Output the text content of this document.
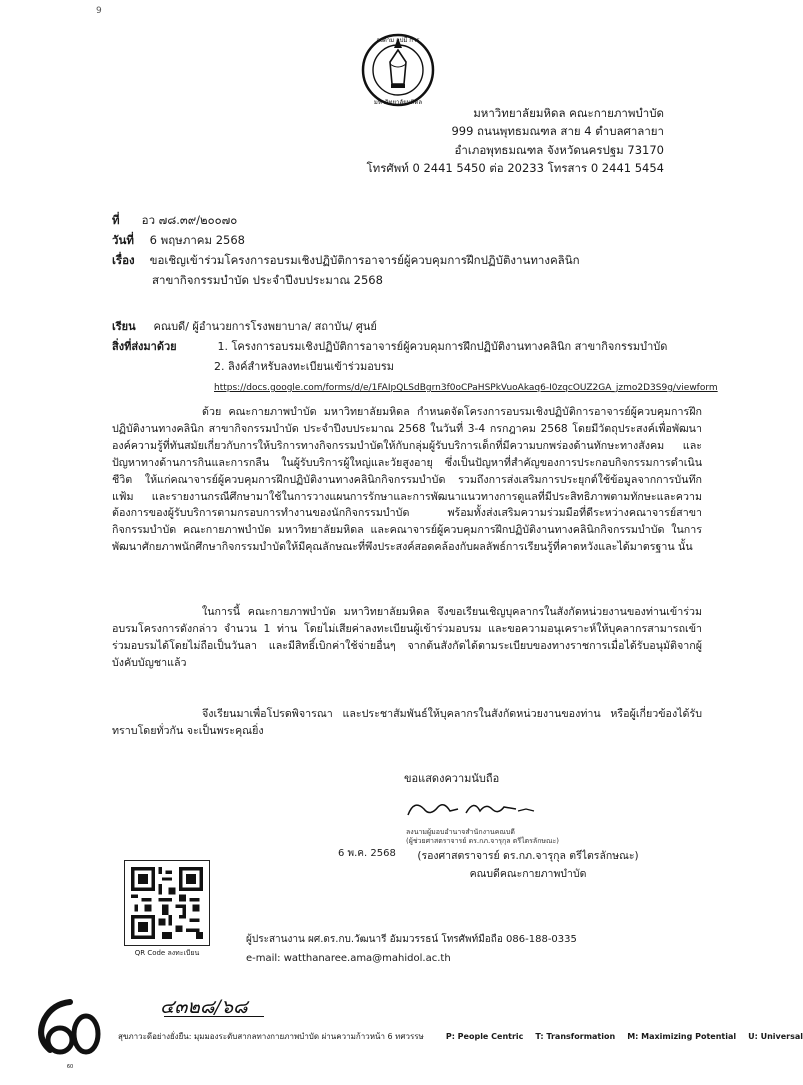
9
จงตาม อุปมี การ
มหาวิทยาลัยมหิดล
มหาวิทยาลัยมหิดล คณะกายภาพบำบัด
999 ถนนพุทธมณฑล สาย 4 ตำบลศาลายา
อำเภอพุทธมณฑล จังหวัดนครปฐม 73170
โทรศัพท์ 0 2441 5450 ต่อ 20233 โทรสาร 0 2441 5454
ที่ อว ๗๘.๓๙/๒๐๐๗๐
วันที่ 6 พฤษภาคม 2568
เรื่อง ขอเชิญเข้าร่วมโครงการอบรมเชิงปฏิบัติการอาจารย์ผู้ควบคุมการฝึกปฏิบัติงานทางคลินิก
สาขากิจกรรมบำบัด ประจำปีงบประมาณ 2568
เรียน คณบดี/ ผู้อำนวยการโรงพยาบาล/ สถาบัน/ ศูนย์
สิ่งที่ส่งมาด้วย	1. โครงการอบรมเชิงปฏิบัติการอาจารย์ผู้ควบคุมการฝึกปฏิบัติงานทางคลินิก สาขากิจกรรมบำบัด
2. ลิงค์สำหรับลงทะเบียนเข้าร่วมอบรม
https://docs.google.com/forms/d/e/1FAIpQLSdBgrn3f0oCPaHSPkVuoAkaq6-I0zqcOUZ2GA_jzmo2D3S9g/viewform
ด้วย คณะกายภาพบำบัด มหาวิทยาลัยมหิดล กำหนดจัดโครงการอบรมเชิงปฏิบัติการอาจารย์ผู้ควบคุมการฝึกปฏิบัติงานทางคลินิก สาขากิจกรรมบำบัด ประจำปีงบประมาณ 2568 ในวันที่ 3-4 กรกฎาคม 2568 โดยมีวัตถุประสงค์เพื่อพัฒนาองค์ความรู้ที่ทันสมัยเกี่ยวกับการให้บริการทางกิจกรรมบำบัดให้กับกลุ่มผู้รับบริการเด็กที่มีความบกพร่องด้านทักษะทางสังคม และปัญหาทางด้านการกินและการกลืน ในผู้รับบริการผู้ใหญ่และวัยสูงอายุ ซึ่งเป็นปัญหาที่สำคัญของการประกอบกิจกรรมการดำเนินชีวิต ให้แก่คณาจารย์ผู้ควบคุมการฝึกปฏิบัติงานทางคลินิกกิจกรรมบำบัด รวมถึงการส่งเสริมการประยุกต์ใช้ข้อมูลจากการบันทึกแฟ้ม และรายงานกรณีศึกษามาใช้ในการวางแผนการรักษาและการพัฒนาแนวทางการดูแลที่มีประสิทธิภาพตามทักษะและความต้องการของผู้รับบริการตามกรอบการทำงานของนักกิจกรรมบำบัด พร้อมทั้งส่งเสริมความร่วมมือที่ดีระหว่างคณาจารย์สาขากิจกรรมบำบัด คณะกายภาพบำบัด มหาวิทยาลัยมหิดล และคณาจารย์ผู้ควบคุมการฝึกปฏิบัติงานทางคลินิกกิจกรรมบำบัด ในการพัฒนาศักยภาพนักศึกษากิจกรรมบำบัดให้มีคุณลักษณะที่พึงประสงค์สอดคล้องกับผลลัพธ์การเรียนรู้ที่คาดหวังและได้มาตรฐาน นั้น
ในการนี้ คณะกายภาพบำบัด มหาวิทยาลัยมหิดล จึงขอเรียนเชิญบุคลากรในสังกัดหน่วยงานของท่านเข้าร่วมอบรมโครงการดังกล่าว จำนวน 1 ท่าน โดยไม่เสียค่าลงทะเบียนผู้เข้าร่วมอบรม และขอความอนุเคราะห์ให้บุคลากรสามารถเข้าร่วมอบรมได้โดยไม่ถือเป็นวันลา และมีสิทธิ์เบิกค่าใช้จ่ายอื่นๆ จากต้นสังกัดได้ตามระเบียบของทางราชการเมื่อได้รับอนุมัติจากผู้บังคับบัญชาแล้ว
จึงเรียนมาเพื่อโปรดพิจารณา และประชาสัมพันธ์ให้บุคลากรในสังกัดหน่วยงานของท่าน หรือผู้เกี่ยวข้องได้รับทราบโดยทั่วกัน จะเป็นพระคุณยิ่ง
ขอแสดงความนับถือ
ลงนามผู้มอบอำนาจสำนักงานคณบดี
(ผู้ช่วยศาสตราจารย์ ดร.กภ.จารุกุล ตรีไตรลักษณะ)
(รองศาสตราจารย์ ดร.กภ.จารุกุล ตรีไตรลักษณะ)
6 พ.ค. 2568
คณบดีคณะกายภาพบำบัด
QR Code ลงทะเบียน
ผู้ประสานงาน ผศ.ดร.กบ.วัฒนารี อัมมวรรธน์ โทรศัพท์มือถือ 086-188-0335
e-mail: watthanaree.ama@mahidol.ac.th
๔๓๒๘/๖๘
60
สุขภาวะดีอย่างยั่งยืน: มุมมองระดับสากลทางกายภาพบำบัด ผ่านความก้าวหน้า 6 ทศวรรษ	P: People Centric T: Transformation M: Maximizing Potential U: Universal
